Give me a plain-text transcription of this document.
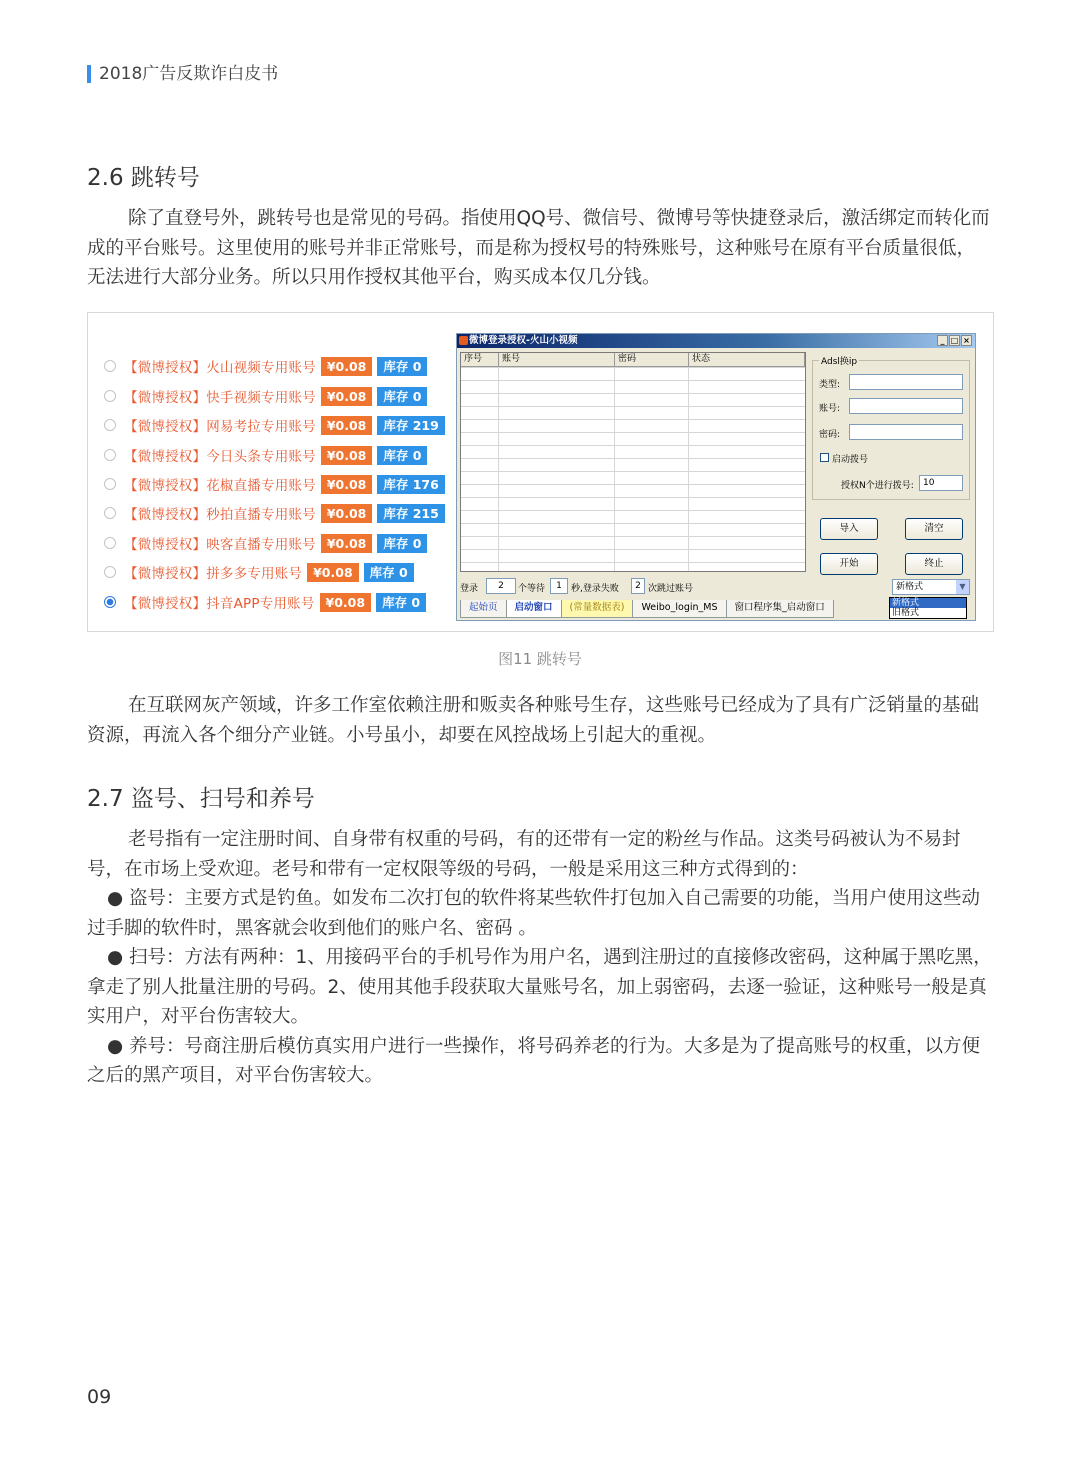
2018广告反欺诈白皮书
2.6 跳转号
除了直登号外，跳转号也是常见的号码。指使用QQ号、微信号、微博号等快捷登录后，激活绑定而转化而成的平台账号。这里使用的账号并非正常账号，而是称为授权号的特殊账号，这种账号在原有平台质量很低，无法进行大部分业务。所以只用作授权其他平台，购买成本仅几分钱。
【微博授权】火山视频专用账号 ¥0.08	库存 0
【微博授权】快手视频专用账号 ¥0.08	库存 0
【微博授权】网易考拉专用账号 ¥0.08	库存 219
【微博授权】今日头条专用账号 ¥0.08	库存 0
【微博授权】花椒直播专用账号 ¥0.08	库存 176
【微博授权】秒拍直播专用账号 ¥0.08	库存 215
【微博授权】映客直播专用账号 ¥0.08	库存 0
【微博授权】拼多多专用账号 ¥0.08	库存 0
【微博授权】抖音APP专用账号 ¥0.08	库存 0
微博登录授权-火山小视频	_ □ ×
序号	账号	密码	状态	Adsl换ip
类型:
账号:
密码:
启动拨号
授权N个进行拨号:	10
导入	清空
开始	终止
登录	2	个等待	1	秒,登录失败	2 次跳过账号	新格式	▼
新格式
旧格式
起始页	启动窗口	(常量数据表)	Weibo_login_MS	窗口程序集_启动窗口
图11 跳转号
在互联网灰产领域，许多工作室依赖注册和贩卖各种账号生存，这些账号已经成为了具有广泛销量的基础资源，再流入各个细分产业链。小号虽小，却要在风控战场上引起大的重视。
2.7 盗号、扫号和养号

老号指有一定注册时间、自身带有权重的号码，有的还带有一定的粉丝与作品。这类号码被认为不易封号，在市场上受欢迎。老号和带有一定权限等级的号码，一般是采用这三种方式得到的：

● 盗号：主要方式是钓鱼。如发布二次打包的软件将某些软件打包加入自己需要的功能，当用户使用这些动过手脚的软件时，黑客就会收到他们的账户名、密码 。

● 扫号：方法有两种：1、用接码平台的手机号作为用户名，遇到注册过的直接修改密码，这种属于黑吃黑，拿走了别人批量注册的号码。2、使用其他手段获取大量账号名，加上弱密码，去逐一验证，这种账号一般是真实用户，对平台伤害较大。

● 养号：号商注册后模仿真实用户进行一些操作，将号码养老的行为。大多是为了提高账号的权重，以方便之后的黑产项目，对平台伤害较大。

09
